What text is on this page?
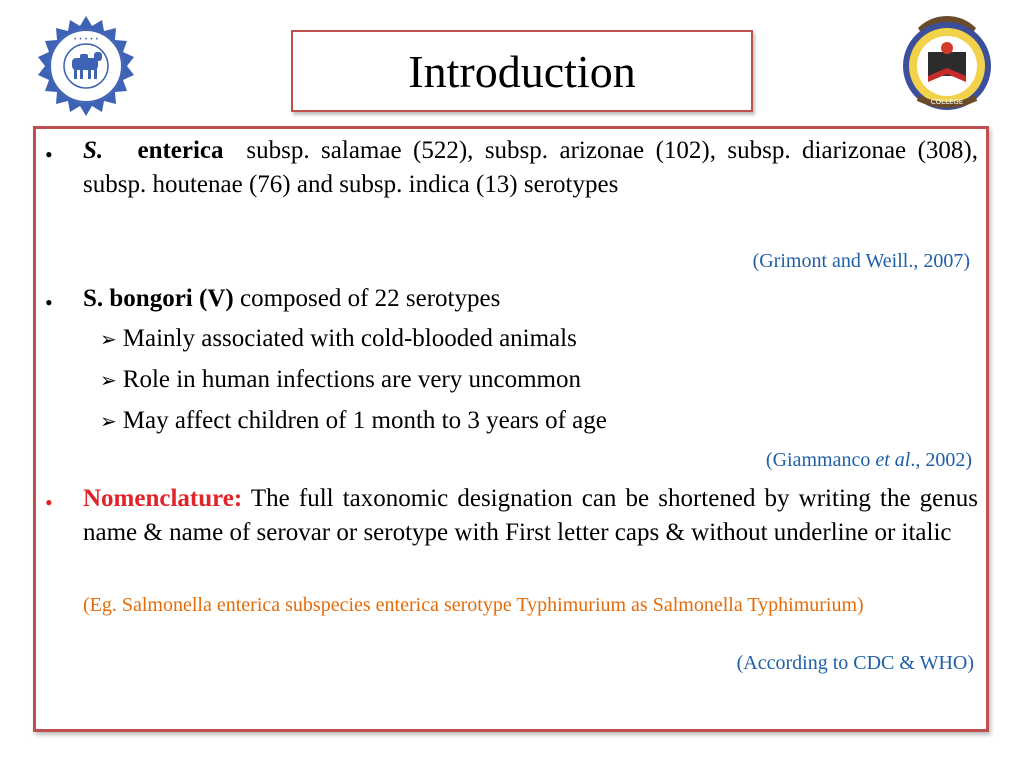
• • • • •
COLLEGE
Introduction
• S. enterica subsp. salamae (522), subsp. arizonae (102), subsp. diarizonae (308), subsp. houtenae (76) and subsp. indica (13) serotypes
(Grimont and Weill., 2007)
• S. bongori (V) composed of 22 serotypes
➢ Mainly associated with cold-blooded animals
➢ Role in human infections are very uncommon
➢ May affect children of 1 month to 3 years of age
(Giammanco et al., 2002)
• Nomenclature: The full taxonomic designation can be shortened by writing the genus name & name of serovar or serotype with First letter caps & without underline or italic
(Eg. Salmonella enterica subspecies enterica serotype Typhimurium as Salmonella Typhimurium)
(According to CDC & WHO)
